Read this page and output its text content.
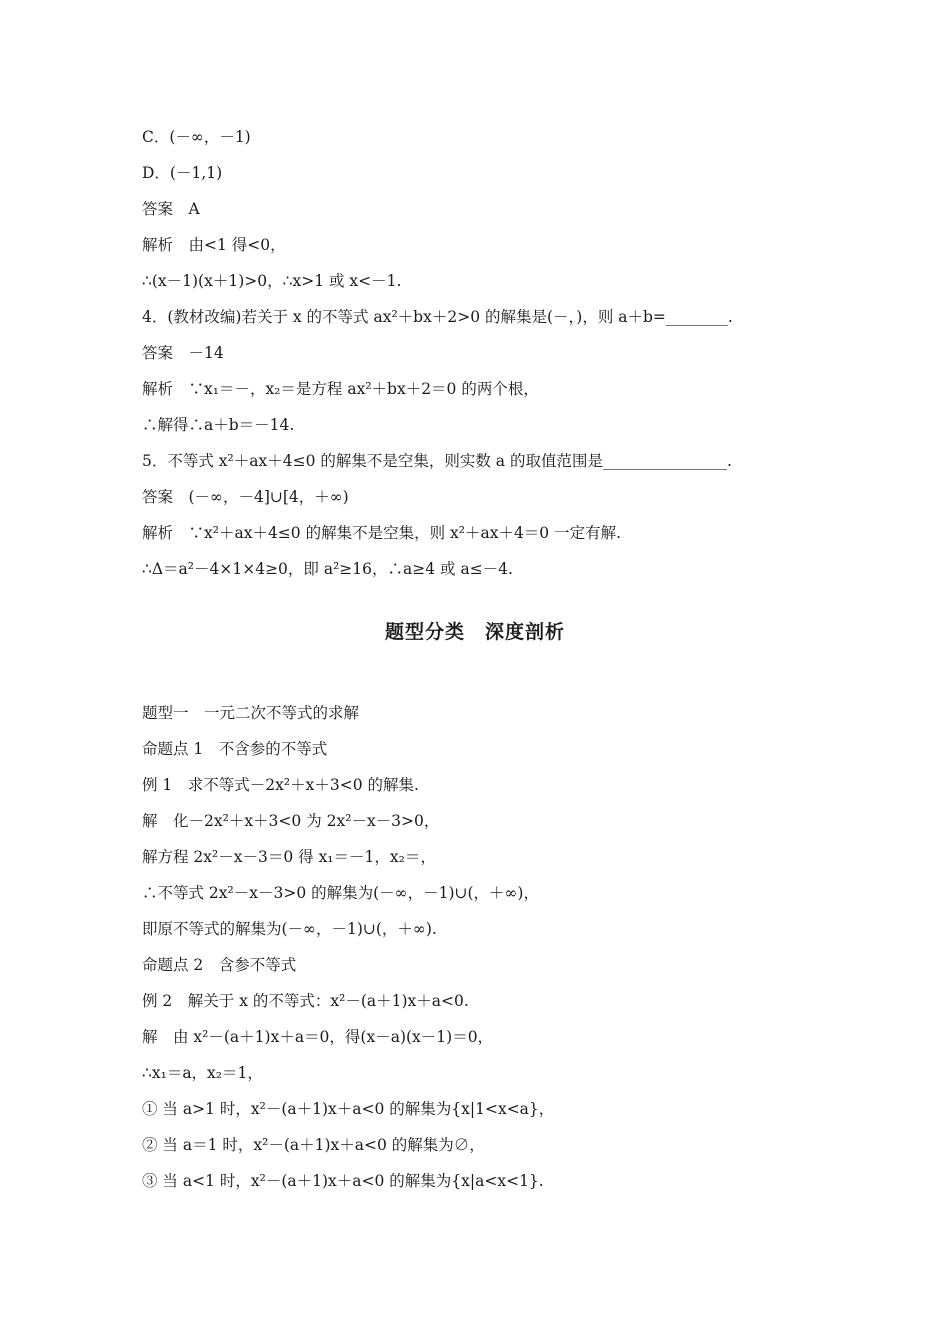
C．(－∞，－1)
D．(－1,1)
答案　A
解析　由<1 得<0，
∴(x－1)(x＋1)>0，∴x>1 或 x<－1.
4．(教材改编)若关于 x 的不等式 ax²＋bx＋2>0 的解集是(－，)，则 a＋b=________.
答案　－14
解析　∵x₁＝－，x₂＝是方程 ax²＋bx＋2＝0 的两个根，
∴解得∴a＋b＝－14.
5．不等式 x²＋ax＋4≤0 的解集不是空集，则实数 a 的取值范围是________________.
答案　(－∞，－4]∪[4，＋∞)
解析　∵x²＋ax＋4≤0 的解集不是空集，则 x²＋ax＋4＝0 一定有解.
∴Δ＝a²－4×1×4≥0，即 a²≥16，∴a≥4 或 a≤－4.
题型分类　深度剖析
题型一　一元二次不等式的求解
命题点 1　不含参的不等式
例 1　求不等式－2x²＋x＋3<0 的解集.
解　化－2x²＋x＋3<0 为 2x²－x－3>0，
解方程 2x²－x－3＝0 得 x₁＝－1，x₂＝，
∴不等式 2x²－x－3>0 的解集为(－∞，－1)∪(，＋∞)，
即原不等式的解集为(－∞，－1)∪(，＋∞).
命题点 2　含参不等式
例 2　解关于 x 的不等式：x²－(a＋1)x＋a<0.
解　由 x²－(a＋1)x＋a＝0，得(x－a)(x－1)＝0，
∴x₁＝a，x₂＝1，
① 当 a>1 时，x²－(a＋1)x＋a<0 的解集为{x|1<x<a}，
② 当 a＝1 时，x²－(a＋1)x＋a<0 的解集为∅，
③ 当 a<1 时，x²－(a＋1)x＋a<0 的解集为{x|a<x<1}.
